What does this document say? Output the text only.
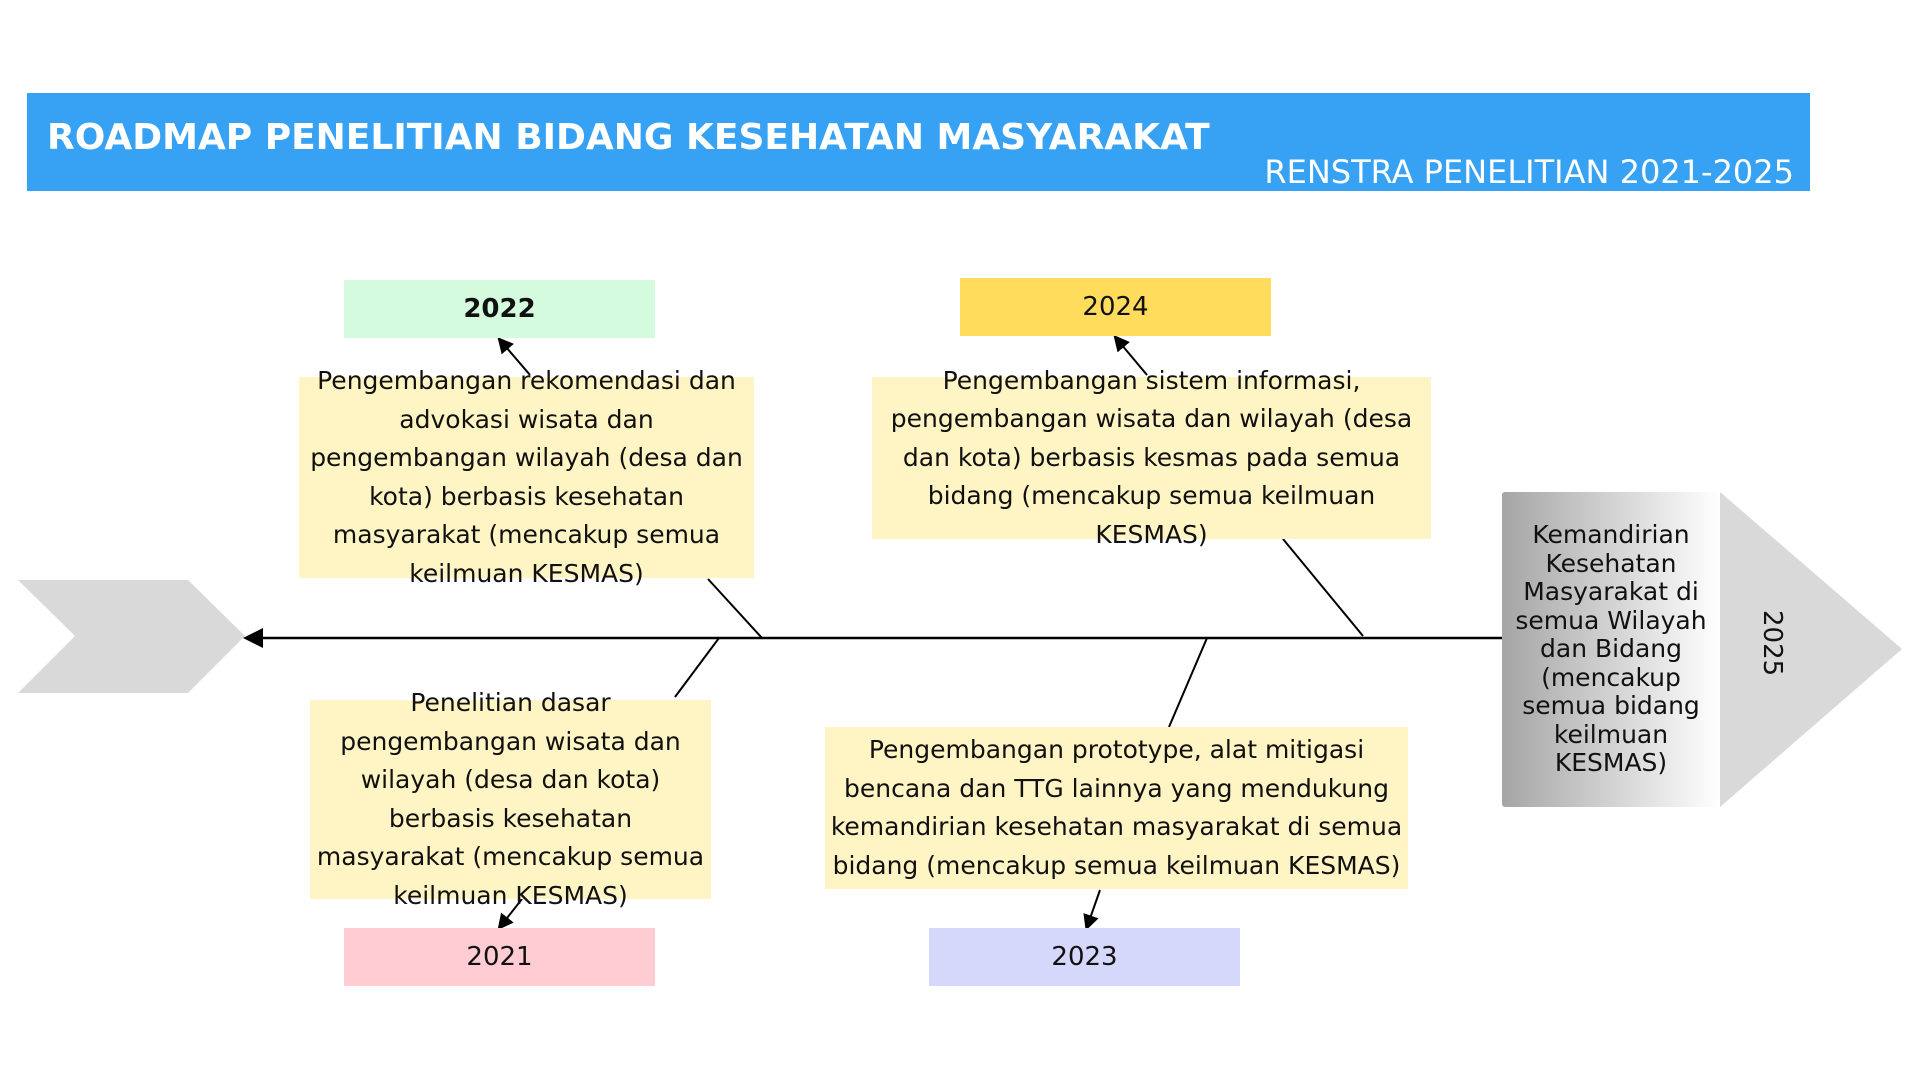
ROADMAP PENELITIAN BIDANG KESEHATAN MASYARAKAT
RENSTRA PENELITIAN 2021-2025
2022	2024
2021	2023
Pengembangan rekomendasi dan advokasi wisata dan pengembangan wilayah (desa dan kota) berbasis kesehatan masyarakat (mencakup semua keilmuan KESMAS)
Pengembangan sistem informasi, pengembangan wisata dan wilayah (desa dan kota) berbasis kesmas pada semua bidang (mencakup semua keilmuan KESMAS)
Penelitian dasar pengembangan wisata dan wilayah (desa dan kota) berbasis kesehatan masyarakat (mencakup semua keilmuan KESMAS)
Pengembangan prototype, alat mitigasi bencana dan TTG lainnya yang mendukung kemandirian kesehatan masyarakat di semua bidang (mencakup semua keilmuan KESMAS)
Kemandirian Kesehatan Masyarakat di semua Wilayah dan Bidang (mencakup semua bidang keilmuan KESMAS)
2025
